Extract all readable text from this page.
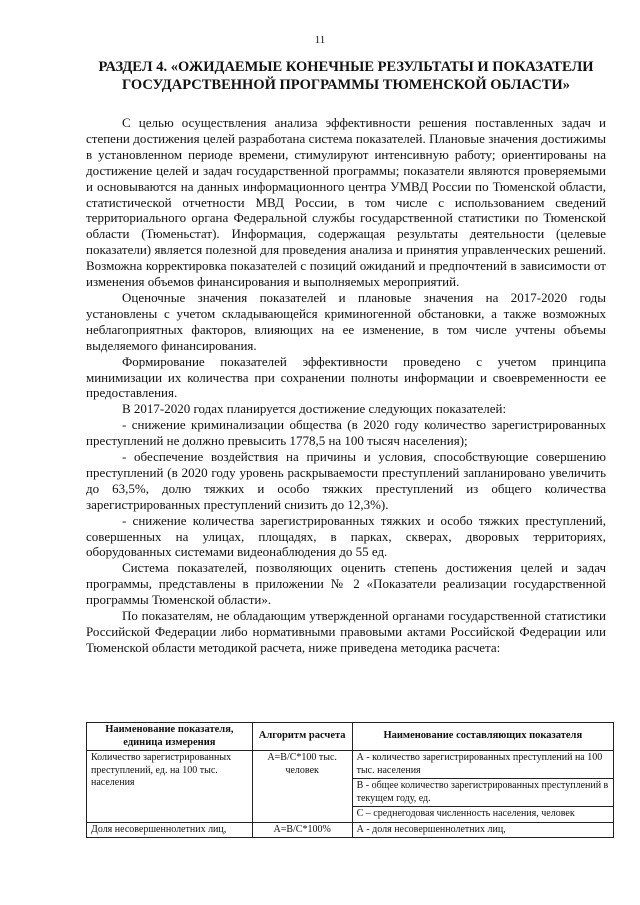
11
РАЗДЕЛ 4. «ОЖИДАЕМЫЕ КОНЕЧНЫЕ РЕЗУЛЬТАТЫ И ПОКАЗАТЕЛИ ГОСУДАРСТВЕННОЙ ПРОГРАММЫ ТЮМЕНСКОЙ ОБЛАСТИ»

С целью осуществления анализа эффективности решения поставленных задач и степени достижения целей разработана система показателей. Плановые значения достижимы в установленном периоде времени, стимулируют интенсивную работу; ориентированы на достижение целей и задач государственной программы; показатели являются проверяемыми и основываются на данных информационного центра УМВД России по Тюменской области, статистической отчетности МВД России, в том числе с использованием сведений территориального органа Федеральной службы государственной статистики по Тюменской области (Тюменьстат). Информация, содержащая результаты деятельности (целевые показатели) является полезной для проведения анализа и принятия управленческих решений. Возможна корректировка показателей с позиций ожиданий и предпочтений в зависимости от изменения объемов финансирования и выполняемых мероприятий.

Оценочные значения показателей и плановые значения на 2017-2020 годы установлены с учетом складывающейся криминогенной обстановки, а также возможных неблагоприятных факторов, влияющих на ее изменение, в том числе учтены объемы выделяемого финансирования.

Формирование показателей эффективности проведено с учетом принципа минимизации их количества при сохранении полноты информации и своевременности ее предоставления.

В 2017-2020 годах планируется достижение следующих показателей:

- снижение криминализации общества (в 2020 году количество зарегистрированных преступлений не должно превысить 1778,5 на 100 тысяч населения);

- обеспечение воздействия на причины и условия, способствующие совершению преступлений (в 2020 году уровень раскрываемости преступлений запланировано увеличить до 63,5%, долю тяжких и особо тяжких преступлений из общего количества зарегистрированных преступлений снизить до 12,3%).

- снижение количества зарегистрированных тяжких и особо тяжких преступлений, совершенных на улицах, площадях, в парках, скверах, дворовых территориях, оборудованных системами видеонаблюдения до 55 ед.

Система показателей, позволяющих оценить степень достижения целей и задач программы, представлены в приложении № 2 «Показатели реализации государственной программы Тюменской области».

По показателям, не обладающим утвержденной органами государственной статистики Российской Федерации либо нормативными правовыми актами Российской Федерации или Тюменской области методикой расчета, ниже приведена методика расчета:

Наименование показателя, единица измерения	Алгоритм расчета	Наименование составляющих показателя
Количество зарегистрированных преступлений, ед. на 100 тыс. населения	A=B/C*100 тыс. человек	А - количество зарегистрированных преступлений на 100 тыс. населения
В - общее количество зарегистрированных преступлений в текущем году, ед.
С – среднегодовая численность населения, человек

Доля несовершеннолетних лиц,	A=B/C*100%	А - доля несовершеннолетних лиц,
